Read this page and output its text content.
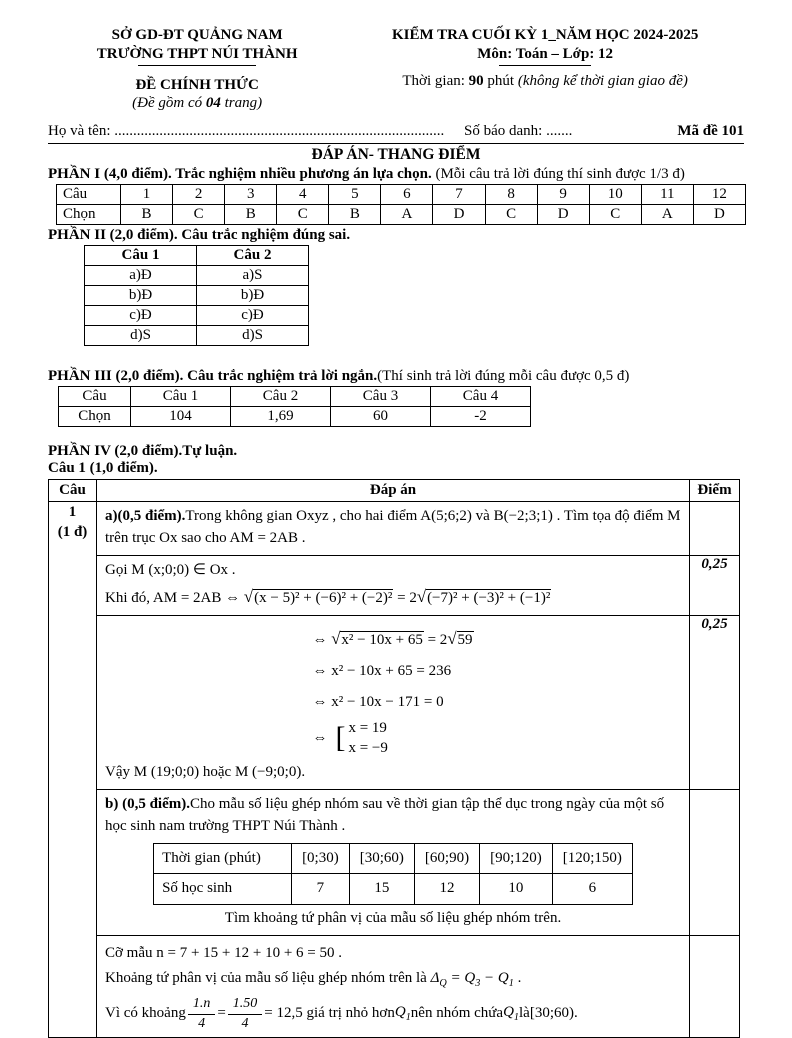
SỞ GD-ĐT QUẢNG NAM
TRƯỜNG THPT NÚI THÀNH
ĐỀ CHÍNH THỨC
(Đề gồm có 04 trang)
KIỂM TRA CUỐI KỲ 1_NĂM HỌC 2024-2025
Môn: Toán – Lớp: 12
Thời gian: 90 phút (không kể thời gian giao đề)
Họ và tên: ........................................................................................	Số báo danh: .......	Mã đề 101
ĐÁP ÁN- THANG ĐIỂM
PHẦN I (4,0 điểm). Trắc nghiệm nhiều phương án lựa chọn. (Mỗi câu trả lời đúng thí sinh được 1/3 đ)
Câu	1	2	3	4	5	6	7	8	9	10	11	12
Chọn	B	C	B	C	B	A	D	C	D	C	A	D
PHẦN II (2,0 điểm). Câu trắc nghiệm đúng sai.
Câu 1	Câu 2
a)Đ	a)S
b)Đ	b)Đ
c)Đ	c)Đ
d)S	d)S
PHẦN III (2,0 điểm). Câu trắc nghiệm trả lời ngắn.(Thí sinh trả lời đúng mỗi câu được 0,5 đ)
Câu	Câu 1	Câu 2	Câu 3	Câu 4
Chọn	104	1,69	60	-2
PHẦN IV (2,0 điểm).Tự luận.
Câu 1 (1,0 điểm).
Câu	Đáp án	Điểm

1
(1 đ)
	a)(0,5 điểm).Trong không gian Oxyz , cho hai điểm A(5;6;2) và B(−2;3;1) . Tìm tọa độ điểm M trên trục Ox sao cho AM = 2AB .	

Gọi M (x;0;0) ∈ Ox .
Khi đó, AM = 2AB ⇔ √ (x − 5)² + (−6)² + (−2)² = 2 √ (−7)² + (−3)² + (−1)²
	0,25

⇔ √ x² − 10x + 65 = 2 √ 59
⇔ x² − 10x + 65 = 236
⇔ x² − 10x − 171 = 0
⇔ [ x = 19
x = −9
Vậy M (19;0;0) hoặc M (−9;0;0).
	0,25

b) (0,5 điểm).Cho mẫu số liệu ghép nhóm sau về thời gian tập thể dục trong ngày của một số học sinh nam trường THPT Núi Thành .
Thời gian (phút)	[0;30)	[30;60)	[60;90)	[90;120)	[120;150)
Số học sinh	7	15	12	10	6
Tìm khoảng tứ phân vị của mẫu số liệu ghép nhóm trên.

Cỡ mẫu n = 7 + 15 + 12 + 10 + 6 = 50 .
Khoảng tứ phân vị của mẫu số liệu ghép nhóm trên là $\Delta_Q = Q_3 - Q_1$ .
Vì có khoảng $\frac{1.n}{4} = \frac{1.50}{4} = 12,5$ giá trị nhỏ hơn $Q_1$ nên nhóm chứa $Q_1$ là [30;60) .
